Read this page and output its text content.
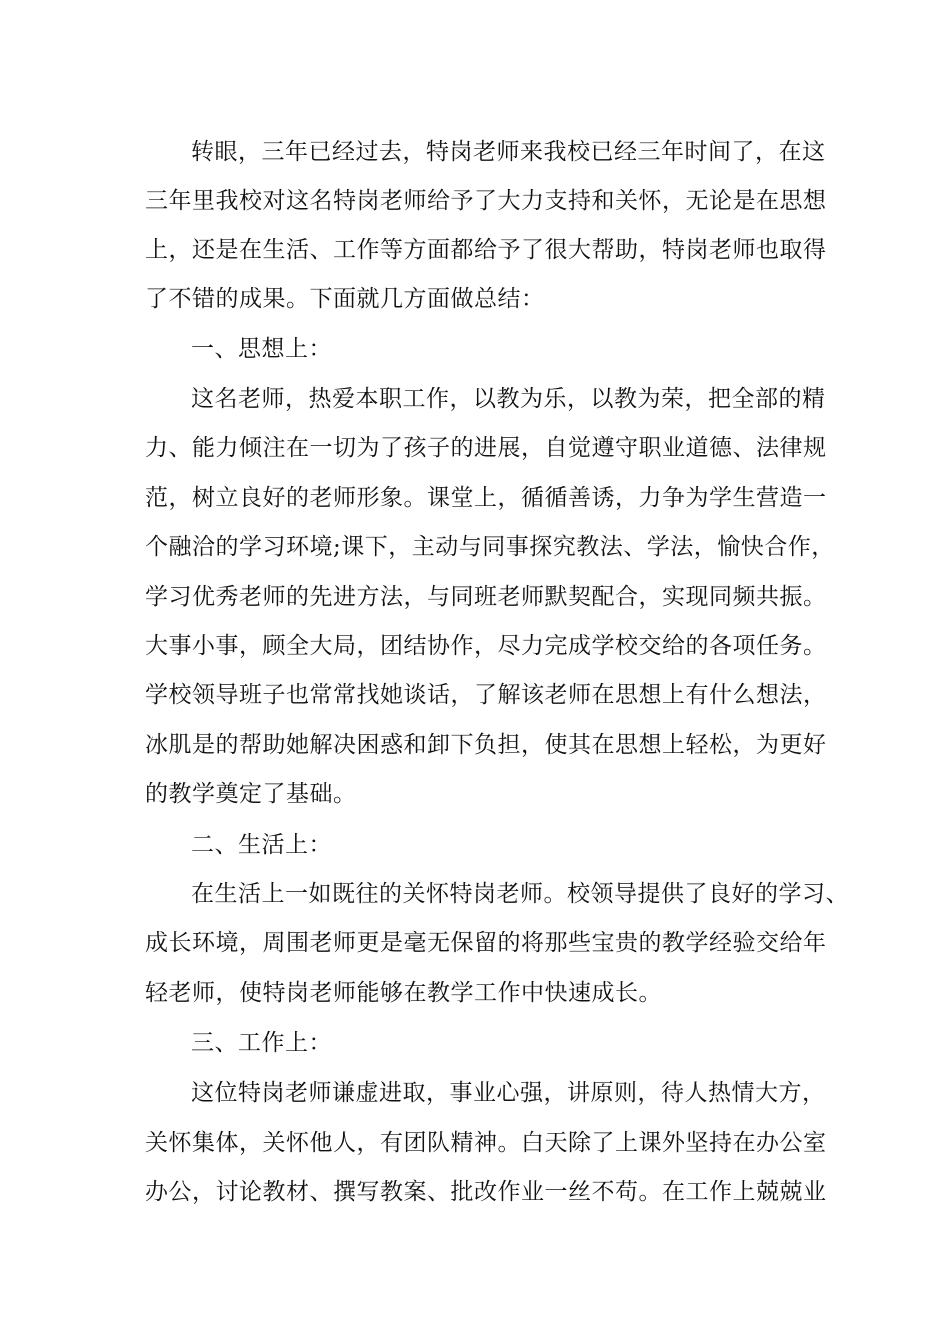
转眼，三年已经过去，特岗老师来我校已经三年时间了，在这

三年里我校对这名特岗老师给予了大力支持和关怀，无论是在思想

上，还是在生活、工作等方面都给予了很大帮助，特岗老师也取得

了不错的成果。下面就几方面做总结：

一、思想上：

这名老师，热爱本职工作，以教为乐，以教为荣，把全部的精

力、能力倾注在一切为了孩子的进展，自觉遵守职业道德、法律规

范，树立良好的老师形象。课堂上，循循善诱，力争为学生营造一

个融洽的学习环境;课下，主动与同事探究教法、学法，愉快合作，

学习优秀老师的先进方法，与同班老师默契配合，实现同频共振。

大事小事，顾全大局，团结协作，尽力完成学校交给的各项任务。

学校领导班子也常常找她谈话，了解该老师在思想上有什么想法，

冰肌是的帮助她解决困惑和卸下负担，使其在思想上轻松，为更好

的教学奠定了基础。

二、生活上：

在生活上一如既往的关怀特岗老师。校领导提供了良好的学习、

成长环境，周围老师更是毫无保留的将那些宝贵的教学经验交给年

轻老师，使特岗老师能够在教学工作中快速成长。

三、工作上：

这位特岗老师谦虚进取，事业心强，讲原则，待人热情大方，

关怀集体，关怀他人，有团队精神。白天除了上课外坚持在办公室

办公，讨论教材、撰写教案、批改作业一丝不苟。在工作上兢兢业
